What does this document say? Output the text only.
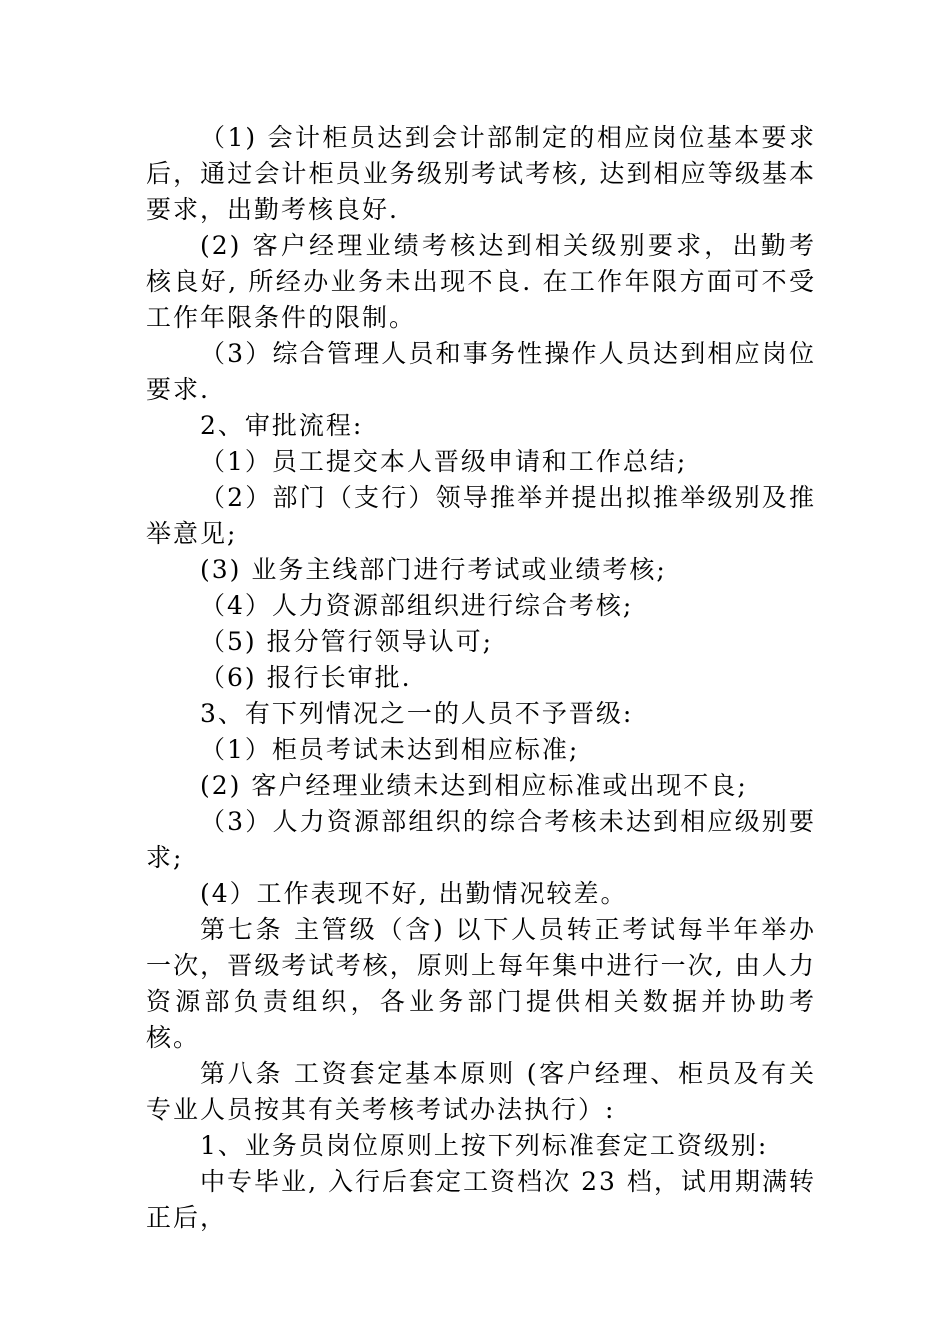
（1) 会计柜员达到会计部制定的相应岗位基本要求后，通过会计柜员业务级别考试考核, 达到相应等级基本要求，出勤考核良好.

(2) 客户经理业绩考核达到相关级别要求，出勤考核良好, 所经办业务未出现不良. 在工作年限方面可不受工作年限条件的限制。

（3）综合管理人员和事务性操作人员达到相应岗位要求.

2、审批流程:

（1）员工提交本人晋级申请和工作总结;

（2）部门（支行）领导推举并提出拟推举级别及推举意见;

(3) 业务主线部门进行考试或业绩考核;

（4）人力资源部组织进行综合考核;

（5) 报分管行领导认可;

（6) 报行长审批.

3、有下列情况之一的人员不予晋级:

（1）柜员考试未达到相应标准;

(2) 客户经理业绩未达到相应标准或出现不良;

（3）人力资源部组织的综合考核未达到相应级别要求;

(4）工作表现不好, 出勤情况较差。

第七条 主管级（含) 以下人员转正考试每半年举办一次，晋级考试考核，原则上每年集中进行一次, 由人力资源部负责组织，各业务部门提供相关数据并协助考核。

第八条 工资套定基本原则 (客户经理、柜员及有关专业人员按其有关考核考试办法执行）:

1、业务员岗位原则上按下列标准套定工资级别:

中专毕业, 入行后套定工资档次 23 档，试用期满转正后，
